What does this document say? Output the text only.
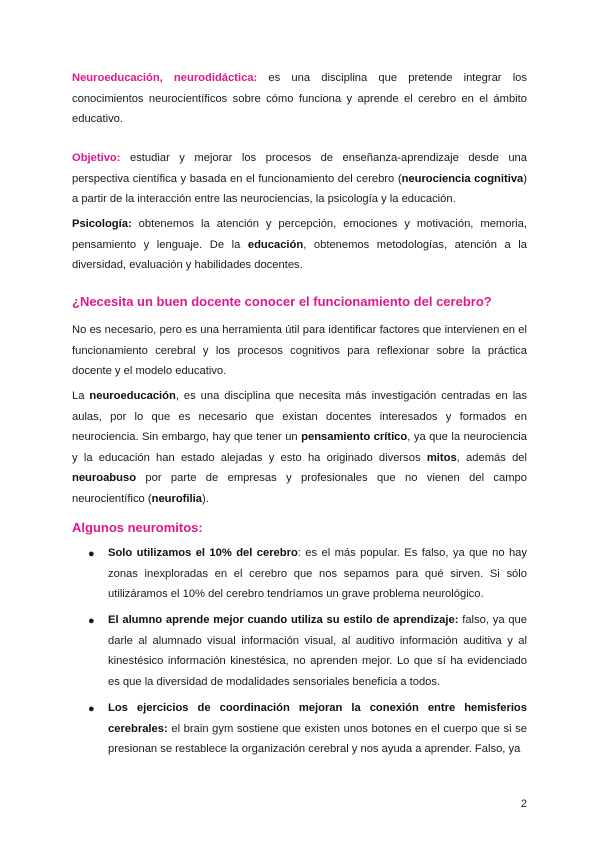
Neuroeducación, neurodidáctica: es una disciplina que pretende integrar los conocimientos neurocientíficos sobre cómo funciona y aprende el cerebro en el ámbito educativo.
Objetivo: estudiar y mejorar los procesos de enseñanza-aprendizaje desde una perspectiva científica y basada en el funcionamiento del cerebro (neurociencia cognitiva) a partir de la interacción entre las neurociencias, la psicología y la educación.
Psicología: obtenemos la atención y percepción, emociones y motivación, memoria, pensamiento y lenguaje. De la educación, obtenemos metodologías, atención a la diversidad, evaluación y habilidades docentes.
¿Necesita un buen docente conocer el funcionamiento del cerebro?
No es necesario, pero es una herramienta útil para identificar factores que intervienen en el funcionamiento cerebral y los procesos cognitivos para reflexionar sobre la práctica docente y el modelo educativo.
La neuroeducación, es una disciplina que necesita más investigación centradas en las aulas, por lo que es necesario que existan docentes interesados y formados en neurociencia. Sin embargo, hay que tener un pensamiento crítico, ya que la neurociencia y la educación han estado alejadas y esto ha originado diversos mitos, además del neuroabuso por parte de empresas y profesionales que no vienen del campo neurocientífico (neurofilia).
Algunos neuromitos:
● Solo utilizamos el 10% del cerebro: es el más popular. Es falso, ya que no hay zonas inexploradas en el cerebro que nos sepamos para qué sirven. Si sólo utilizáramos el 10% del cerebro tendríamos un grave problema neurológico.
● El alumno aprende mejor cuando utiliza su estilo de aprendizaje: falso, ya que darle al alumnado visual información visual, al auditivo información auditiva y al kinestésico información kinestésica, no aprenden mejor. Lo que sí ha evidenciado es que la diversidad de modalidades sensoriales beneficia a todos.
● Los ejercicios de coordinación mejoran la conexión entre hemisferios cerebrales: el brain gym sostiene que existen unos botones en el cuerpo que si se presionan se restablece la organización cerebral y nos ayuda a aprender. Falso, ya
2
